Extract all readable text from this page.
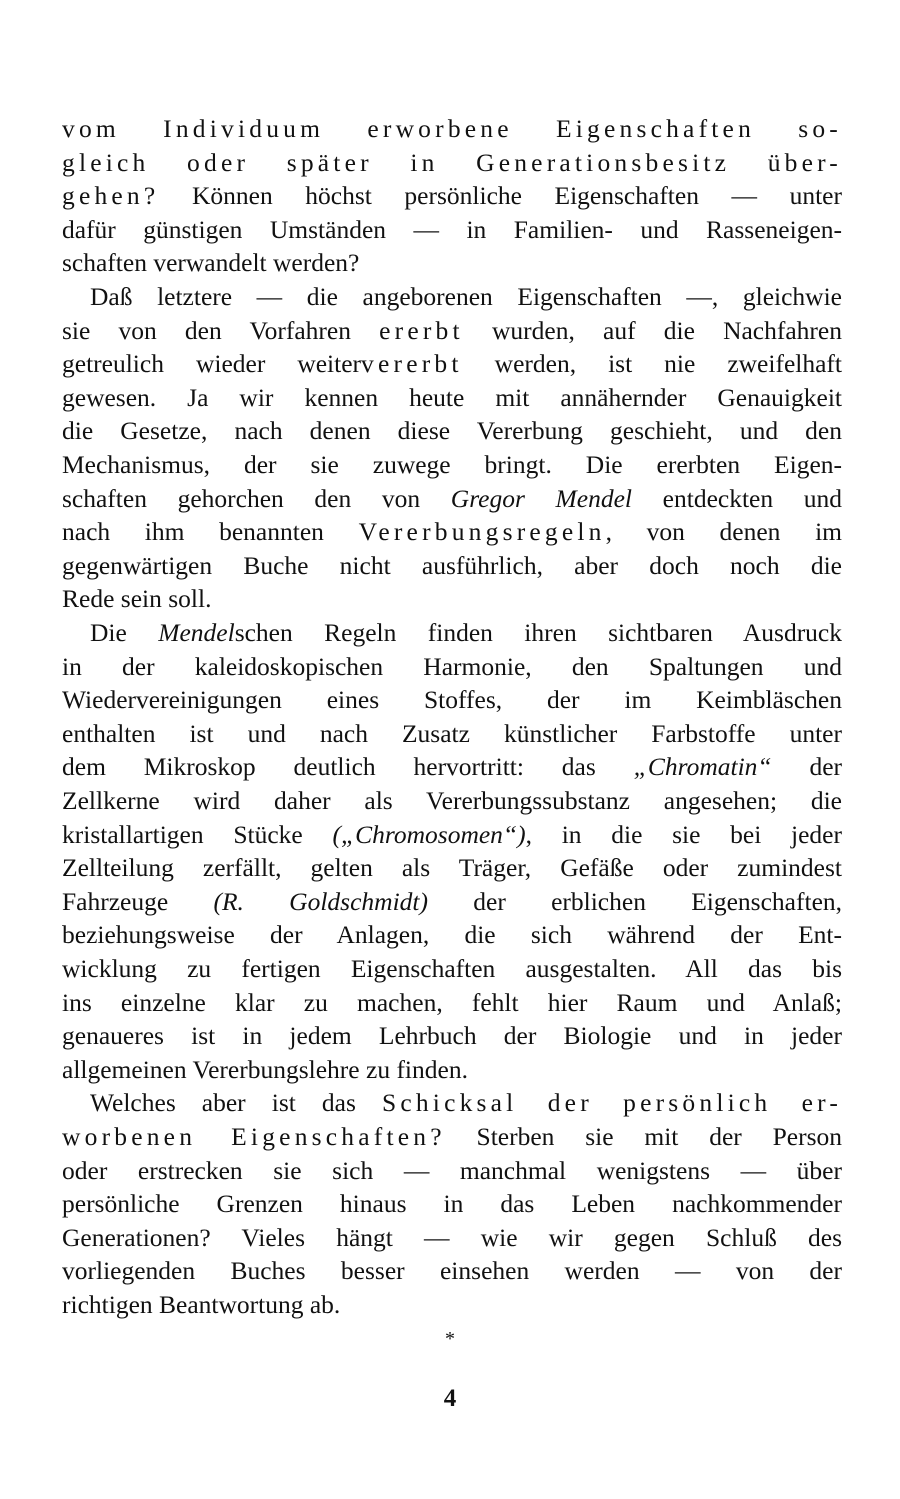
vom Individuum erworbene Eigenschaften so-
gleich oder später in Generationsbesitz über-
gehen? Können höchst persönliche Eigenschaften — unter
dafür günstigen Umständen — in Familien- und Rasseneigen-
schaften verwandelt werden?
Daß letztere — die angeborenen Eigenschaften —, gleichwie
sie von den Vorfahren ererbt wurden, auf die Nachfahren
getreulich wieder weitervererbt werden, ist nie zweifelhaft
gewesen. Ja wir kennen heute mit annähernder Genauigkeit
die Gesetze, nach denen diese Vererbung geschieht, und den
Mechanismus, der sie zuwege bringt. Die ererbten Eigen-
schaften gehorchen den von Gregor Mendel entdeckten und
nach ihm benannten Vererbungsregeln, von denen im
gegenwärtigen Buche nicht ausführlich, aber doch noch die
Rede sein soll.
Die Mendelschen Regeln finden ihren sichtbaren Ausdruck
in der kaleidoskopischen Harmonie, den Spaltungen und
Wiedervereinigungen eines Stoffes, der im Keimbläschen
enthalten ist und nach Zusatz künstlicher Farbstoffe unter
dem Mikroskop deutlich hervortritt: das „Chromatin“ der
Zellkerne wird daher als Vererbungssubstanz angesehen; die
kristallartigen Stücke („Chromosomen“), in die sie bei jeder
Zellteilung zerfällt, gelten als Träger, Gefäße oder zumindest
Fahrzeuge (R. Goldschmidt) der erblichen Eigenschaften,
beziehungsweise der Anlagen, die sich während der Ent-
wicklung zu fertigen Eigenschaften ausgestalten. All das bis
ins einzelne klar zu machen, fehlt hier Raum und Anlaß;
genaueres ist in jedem Lehrbuch der Biologie und in jeder
allgemeinen Vererbungslehre zu finden.
Welches aber ist das Schicksal der persönlich er-
worbenen Eigenschaften? Sterben sie mit der Person
oder erstrecken sie sich — manchmal wenigstens — über
persönliche Grenzen hinaus in das Leben nachkommender
Generationen? Vieles hängt — wie wir gegen Schluß des
vorliegenden Buches besser einsehen werden — von der
richtigen Beantwortung ab.
*
4
